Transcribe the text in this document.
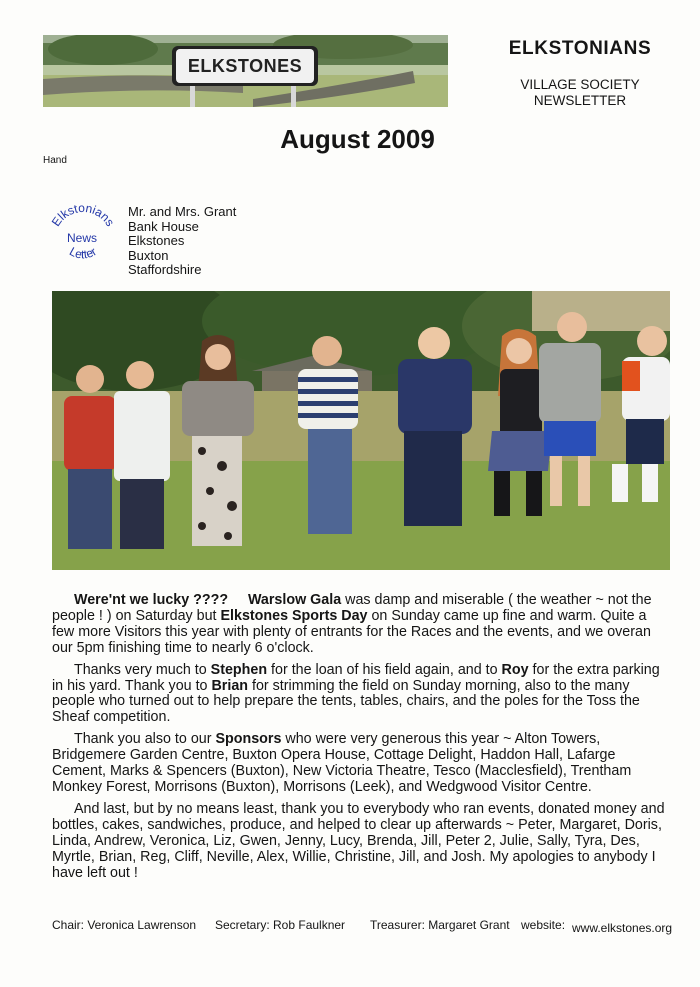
ELKSTONES
ELKSTONIANS
VILLAGE SOCIETY
NEWSLETTER
August 2009
Hand
Elkstonians
Letter
News
Mr. and Mrs. Grant
Bank House
Elkstones
Buxton
Staffordshire

Were'nt we lucky ???? Warslow Gala was damp and miserable ( the weather ~ not the people ! ) on Saturday but Elkstones Sports Day on Sunday came up fine and warm. Quite a few more Visitors this year with plenty of entrants for the Races and the events, and we overan our 5pm finishing time to nearly 6 o'clock.

Thanks very much to Stephen for the loan of his field again, and to Roy for the extra parking in his yard. Thank you to Brian for strimming the field on Sunday morning, also to the many people who turned out to help prepare the tents, tables, chairs, and the poles for the Toss the Sheaf competition.

Thank you also to our Sponsors who were very generous this year ~ Alton Towers, Bridgemere Garden Centre, Buxton Opera House, Cottage Delight, Haddon Hall, Lafarge Cement, Marks & Spencers (Buxton), New Victoria Theatre, Tesco (Macclesfield), Trentham Monkey Forest, Morrisons (Buxton), Morrisons (Leek), and Wedgwood Visitor Centre.

And last, but by no means least, thank you to everybody who ran events, donated money and bottles, cakes, sandwiches, produce, and helped to clear up afterwards ~ Peter, Margaret, Doris, Linda, Andrew, Veronica, Liz, Gwen, Jenny, Lucy, Brenda, Jill, Peter 2, Julie, Sally, Tyra, Des, Myrtle, Brian, Reg, Cliff, Neville, Alex, Willie, Christine, Jill, and Josh. My apologies to anybody I have left out !

Chair: Veronica Lawrenson Secretary: Rob Faulkner Treasurer: Margaret Grant website: www.elkstones.org
